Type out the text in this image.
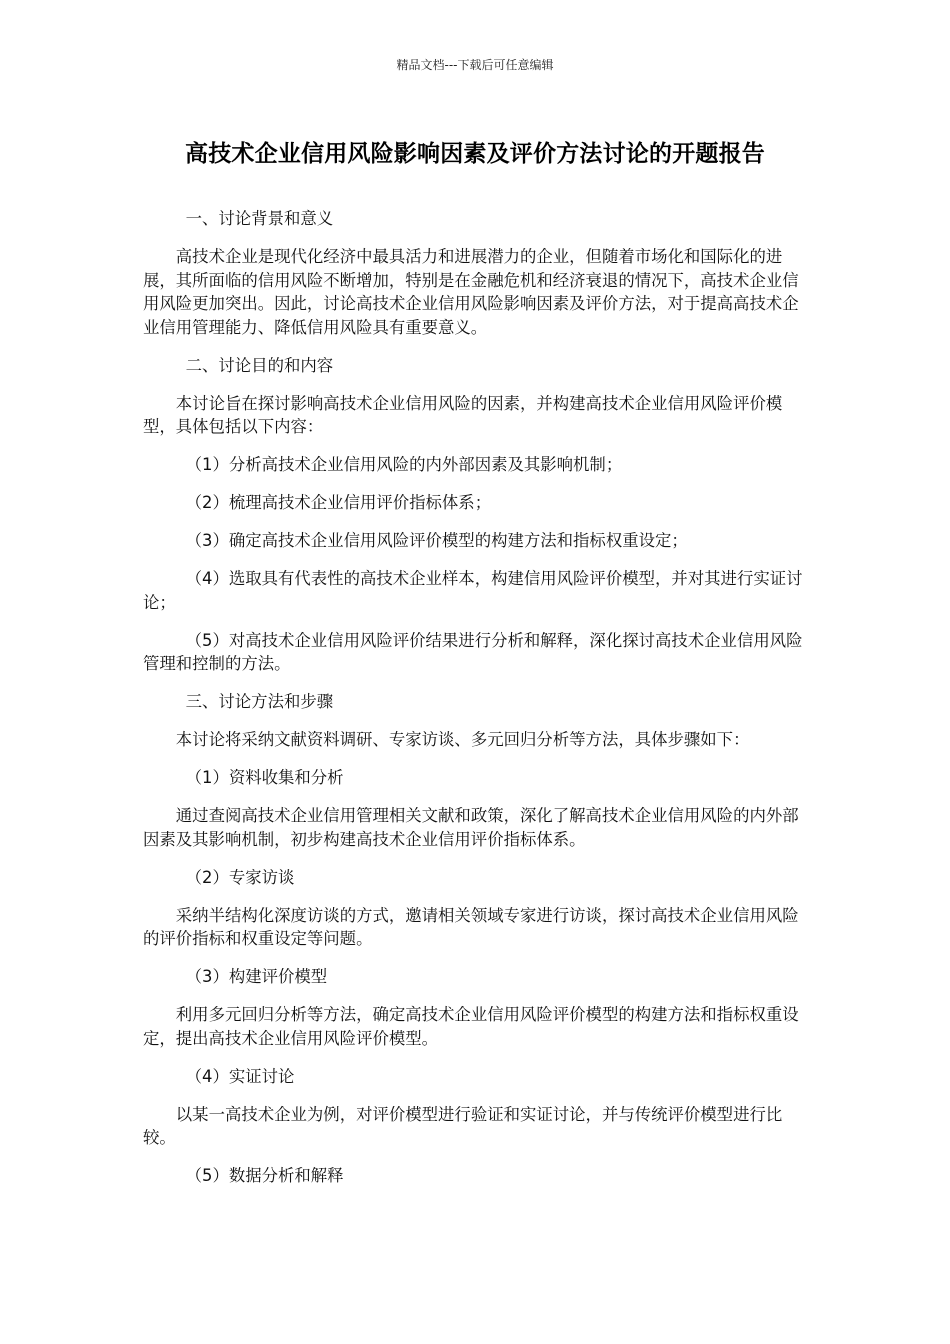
精品文档---下载后可任意编辑
高技术企业信用风险影响因素及评价方法讨论的开题报告

一、讨论背景和意义

高技术企业是现代化经济中最具活力和进展潜力的企业，但随着市场化和国际化的进展，其所面临的信用风险不断增加，特别是在金融危机和经济衰退的情况下，高技术企业信用风险更加突出。因此，讨论高技术企业信用风险影响因素及评价方法，对于提高高技术企业信用管理能力、降低信用风险具有重要意义。

二、讨论目的和内容

本讨论旨在探讨影响高技术企业信用风险的因素，并构建高技术企业信用风险评价模型，具体包括以下内容：

（1）分析高技术企业信用风险的内外部因素及其影响机制；

（2）梳理高技术企业信用评价指标体系；

（3）确定高技术企业信用风险评价模型的构建方法和指标权重设定；

（4）选取具有代表性的高技术企业样本，构建信用风险评价模型，并对其进行实证讨论；

（5）对高技术企业信用风险评价结果进行分析和解释，深化探讨高技术企业信用风险管理和控制的方法。

三、讨论方法和步骤

本讨论将采纳文献资料调研、专家访谈、多元回归分析等方法，具体步骤如下：

（1）资料收集和分析

通过查阅高技术企业信用管理相关文献和政策，深化了解高技术企业信用风险的内外部因素及其影响机制，初步构建高技术企业信用评价指标体系。

（2）专家访谈

采纳半结构化深度访谈的方式，邀请相关领域专家进行访谈，探讨高技术企业信用风险的评价指标和权重设定等问题。

（3）构建评价模型

利用多元回归分析等方法，确定高技术企业信用风险评价模型的构建方法和指标权重设定，提出高技术企业信用风险评价模型。

（4）实证讨论

以某一高技术企业为例，对评价模型进行验证和实证讨论，并与传统评价模型进行比较。

（5）数据分析和解释
